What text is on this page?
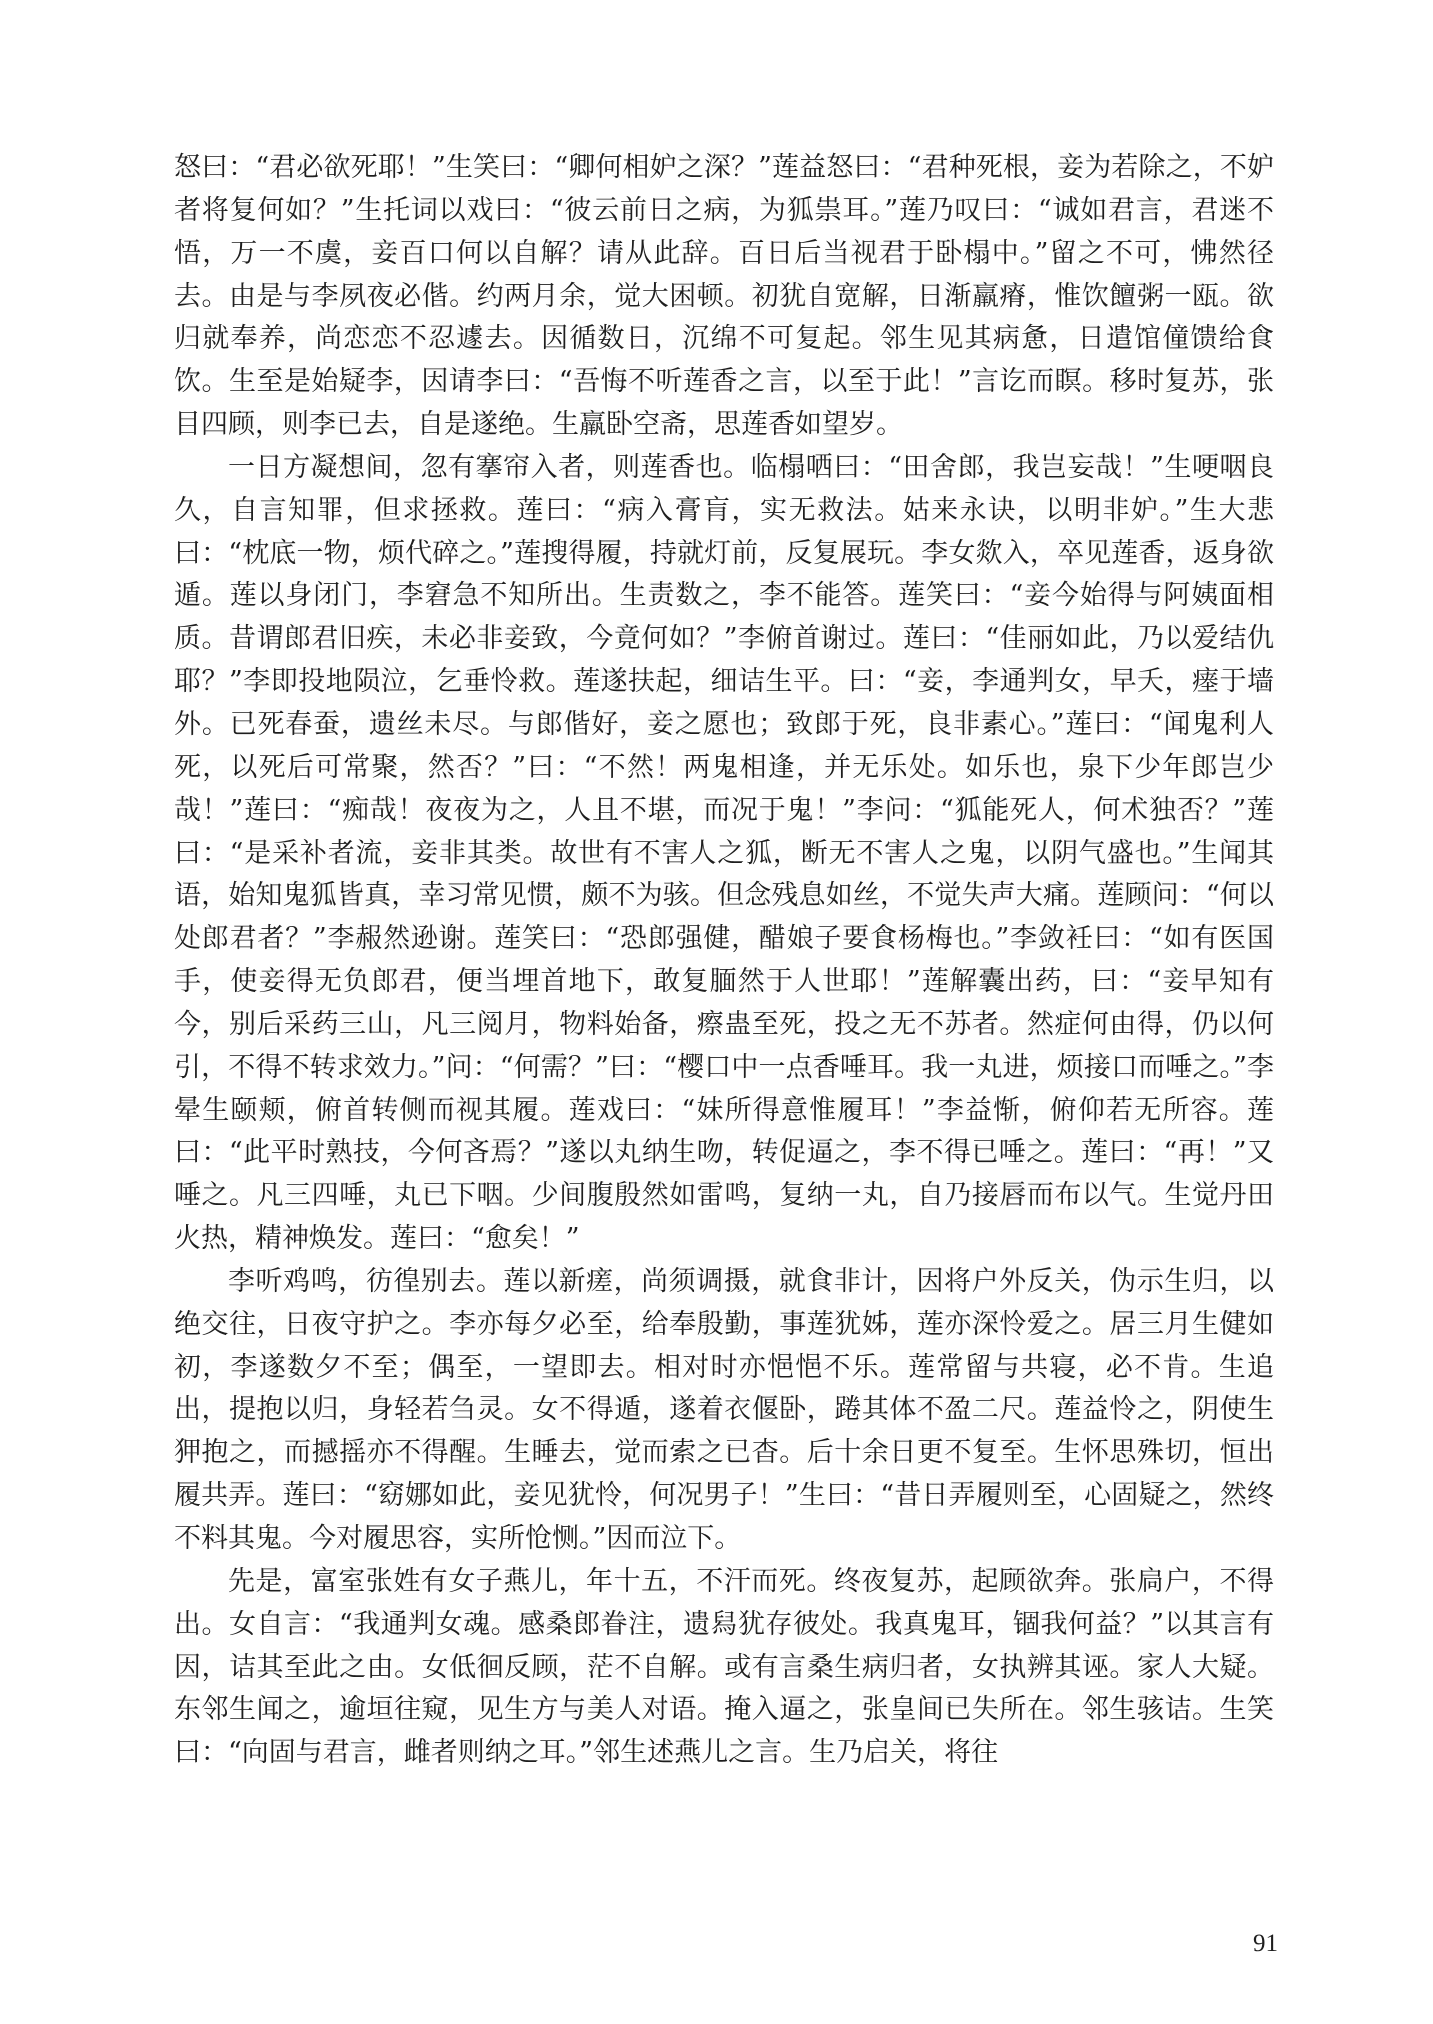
怒曰：“君必欲死耶！”生笑曰：“卿何相妒之深？”莲益怒曰：“君种死根，妾为若除之，不妒者将复何如？”生托词以戏曰：“彼云前日之病，为狐祟耳。”莲乃叹曰：“诚如君言，君迷不悟，万一不虞，妾百口何以自解？请从此辞。百日后当视君于卧榻中。”留之不可，怫然径去。由是与李夙夜必偕。约两月余，觉大困顿。初犹自宽解，日渐羸瘠，惟饮饘粥一瓯。欲归就奉养，尚恋恋不忍遽去。因循数日，沉绵不可复起。邻生见其病惫，日遣馆僮馈给食饮。生至是始疑李，因请李曰：“吾悔不听莲香之言，以至于此！”言讫而瞑。移时复苏，张目四顾，则李已去，自是遂绝。生羸卧空斋，思莲香如望岁。

一日方凝想间，忽有搴帘入者，则莲香也。临榻哂曰：“田舍郎，我岂妄哉！”生哽咽良久，自言知罪，但求拯救。莲曰：“病入膏肓，实无救法。姑来永诀，以明非妒。”生大悲曰：“枕底一物，烦代碎之。”莲搜得履，持就灯前，反复展玩。李女欻入，卒见莲香，返身欲遁。莲以身闭门，李窘急不知所出。生责数之，李不能答。莲笑曰：“妾今始得与阿姨面相质。昔谓郎君旧疾，未必非妾致，今竟何如？”李俯首谢过。莲曰：“佳丽如此，乃以爱结仇耶？”李即投地陨泣，乞垂怜救。莲遂扶起，细诘生平。曰：“妾，李通判女，早夭，瘗于墙外。已死春蚕，遗丝未尽。与郎偕好，妾之愿也；致郎于死，良非素心。”莲曰：“闻鬼利人死，以死后可常聚，然否？”曰：“不然！两鬼相逢，并无乐处。如乐也，泉下少年郎岂少哉！”莲曰：“痴哉！夜夜为之，人且不堪，而况于鬼！”李问：“狐能死人，何术独否？”莲曰：“是采补者流，妾非其类。故世有不害人之狐，断无不害人之鬼，以阴气盛也。”生闻其语，始知鬼狐皆真，幸习常见惯，颇不为骇。但念残息如丝，不觉失声大痛。莲顾问：“何以处郎君者？”李赧然逊谢。莲笑曰：“恐郎强健，醋娘子要食杨梅也。”李敛衽曰：“如有医国手，使妾得无负郎君，便当埋首地下，敢复腼然于人世耶！”莲解囊出药，曰：“妾早知有今，别后采药三山，凡三阅月，物料始备，瘵蛊至死，投之无不苏者。然症何由得，仍以何引，不得不转求效力。”问：“何需？”曰：“樱口中一点香唾耳。我一丸进，烦接口而唾之。”李晕生颐颊，俯首转侧而视其履。莲戏曰：“妹所得意惟履耳！”李益惭，俯仰若无所容。莲曰：“此平时熟技，今何吝焉？”遂以丸纳生吻，转促逼之，李不得已唾之。莲曰：“再！”又唾之。凡三四唾，丸已下咽。少间腹殷然如雷鸣，复纳一丸，自乃接唇而布以气。生觉丹田火热，精神焕发。莲曰：“愈矣！”

李听鸡鸣，彷徨别去。莲以新瘥，尚须调摄，就食非计，因将户外反关，伪示生归，以绝交往，日夜守护之。李亦每夕必至，给奉殷勤，事莲犹姊，莲亦深怜爱之。居三月生健如初，李遂数夕不至；偶至，一望即去。相对时亦悒悒不乐。莲常留与共寝，必不肯。生追出，提抱以归，身轻若刍灵。女不得遁，遂着衣偃卧，踡其体不盈二尺。莲益怜之，阴使生狎抱之，而撼摇亦不得醒。生睡去，觉而索之已杳。后十余日更不复至。生怀思殊切，恒出履共弄。莲曰：“窈娜如此，妾见犹怜，何况男子！”生曰：“昔日弄履则至，心固疑之，然终不料其鬼。今对履思容，实所怆恻。”因而泣下。

先是，富室张姓有女子燕儿，年十五，不汗而死。终夜复苏，起顾欲奔。张扃户，不得出。女自言：“我通判女魂。感桑郎眷注，遗舄犹存彼处。我真鬼耳，锢我何益？”以其言有因，诘其至此之由。女低徊反顾，茫不自解。或有言桑生病归者，女执辨其诬。家人大疑。东邻生闻之，逾垣往窥，见生方与美人对语。掩入逼之，张皇间已失所在。邻生骇诘。生笑曰：“向固与君言，雌者则纳之耳。”邻生述燕儿之言。生乃启关，将往

91
